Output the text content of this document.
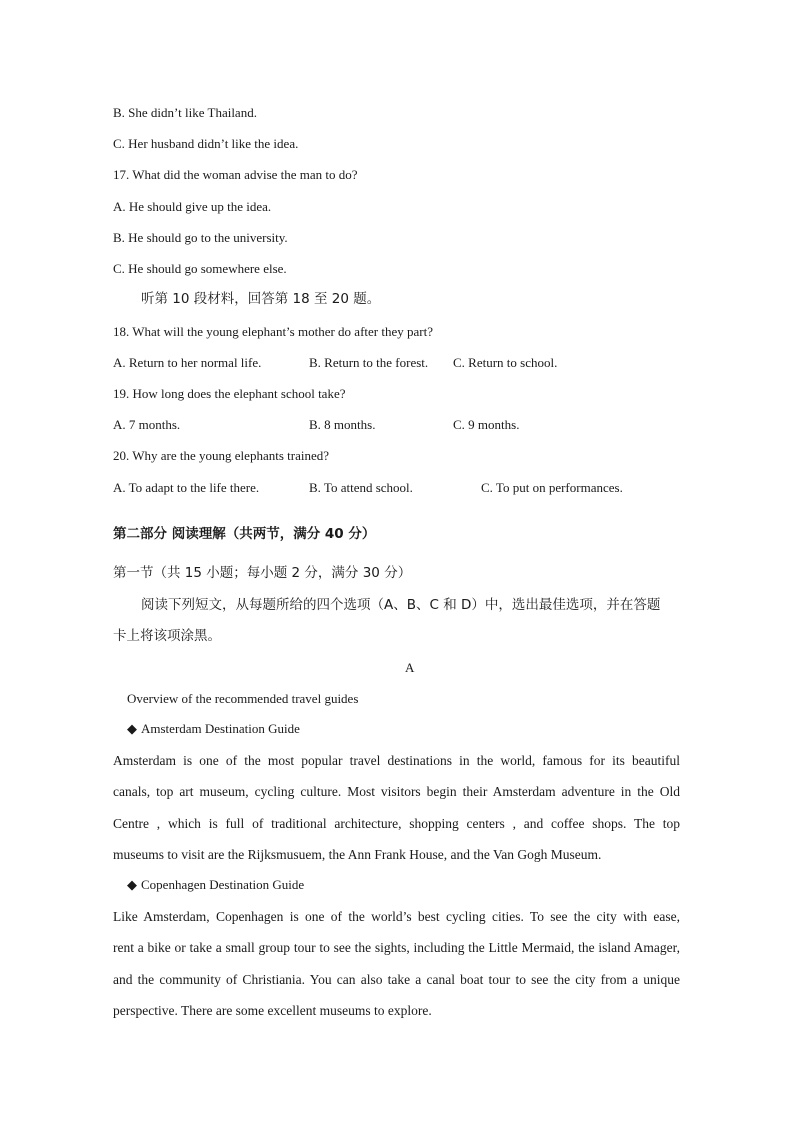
B. She didn’t like Thailand.
C. Her husband didn’t like the idea.
17. What did the woman advise the man to do?
A. He should give up the idea.
B. He should go to the university.
C. He should go somewhere else.
听第 10 段材料，回答第 18 至 20 题。
18. What will the young elephant’s mother do after they part?
A. Return to her normal life.	B. Return to the forest. C. Return to school.
19. How long does the elephant school take?
A. 7 months.	B. 8 months.	C. 9 months.
20. Why are the young elephants trained?
A. To adapt to the life there.	B. To attend school.	C. To put on performances.
第二部分 阅读理解（共两节，满分 40 分）
第一节（共 15 小题；每小题 2 分，满分 30 分）
阅读下列短文，从每题所给的四个选项（A、B、C 和 D）中，选出最佳选项，并在答题
卡上将该项涂黑。
A
Overview of the recommended travel guides
◆ Amsterdam Destination Guide
Amsterdam is one of the most popular travel destinations in the world, famous for its beautiful
canals, top art museum, cycling culture. Most visitors begin their Amsterdam adventure in the Old
Centre , which is full of traditional architecture, shopping centers , and coffee shops. The top
museums to visit are the Rijksmusuem, the Ann Frank House, and the Van Gogh Museum.
◆ Copenhagen Destination Guide
Like Amsterdam, Copenhagen is one of the world’s best cycling cities. To see the city with ease,
rent a bike or take a small group tour to see the sights, including the Little Mermaid, the island Amager,
and the community of Christiania. You can also take a canal boat tour to see the city from a unique
perspective. There are some excellent museums to explore.
